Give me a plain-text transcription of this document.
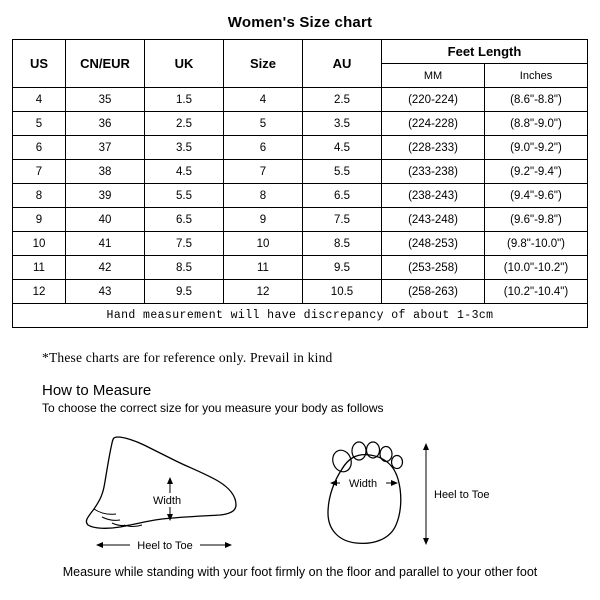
Women's Size chart
US	CN/EUR	UK	Size	AU	Feet Length	
					MM	Inches
4	35	1.5	4	2.5	(220-224)	(8.6"-8.8")
5	36	2.5	5	3.5	(224-228)	(8.8"-9.0")
6	37	3.5	6	4.5	(228-233)	(9.0"-9.2")
7	38	4.5	7	5.5	(233-238)	(9.2"-9.4")
8	39	5.5	8	6.5	(238-243)	(9.4"-9.6")
9	40	6.5	9	7.5	(243-248)	(9.6"-9.8")
10	41	7.5	10	8.5	(248-253)	(9.8"-10.0")
11	42	8.5	11	9.5	(253-258)	(10.0"-10.2")
12	43	9.5	12	10.5	(258-263)	(10.2"-10.4")
Hand measurement will have discrepancy of about 1-3cm						
*These charts are for reference only. Prevail in kind
How to Measure
To choose the correct size for you measure your body as follows
Width
Heel to Toe
Width
Heel to Toe
Measure while standing with your foot firmly on the floor and parallel to your other foot
